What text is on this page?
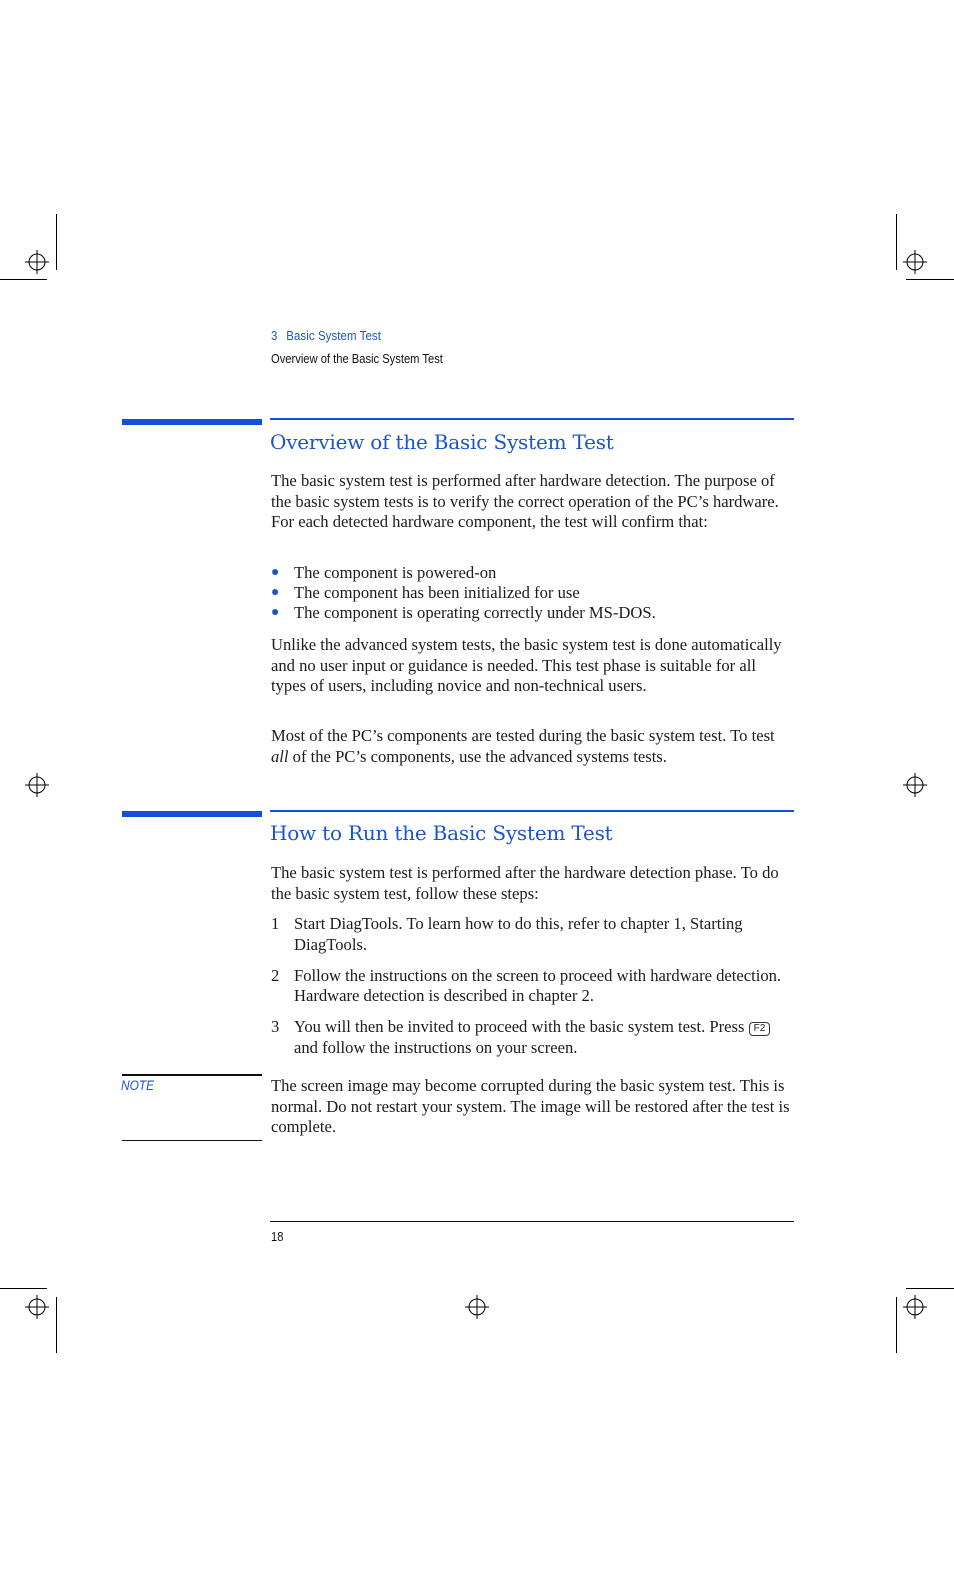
3 Basic System Test
Overview of the Basic System Test
Overview of the Basic System Test

The basic system test is performed after hardware detection. The purpose of the basic system tests is to verify the correct operation of the PC’s hardware. For each detected hardware component, the test will confirm that:

● The component is powered-on
● The component has been initialized for use
● The component is operating correctly under MS-DOS.

Unlike the advanced system tests, the basic system test is done automatically and no user input or guidance is needed. This test phase is suitable for all types of users, including novice and non-technical users.

Most of the PC’s components are tested during the basic system test. To test all of the PC’s components, use the advanced systems tests.

How to Run the Basic System Test

The basic system test is performed after the hardware detection phase. To do the basic system test, follow these steps:

1 Start DiagTools. To learn how to do this, refer to chapter 1, Starting DiagTools.
2 Follow the instructions on the screen to proceed with hardware detection. Hardware detection is described in chapter 2.
3 You will then be invited to proceed with the basic system test. Press F2and follow the instructions on your screen.
NOTE	The screen image may become corrupted during the basic system test. This is normal. Do not restart your system. The image will be restored after the test is complete.

18
